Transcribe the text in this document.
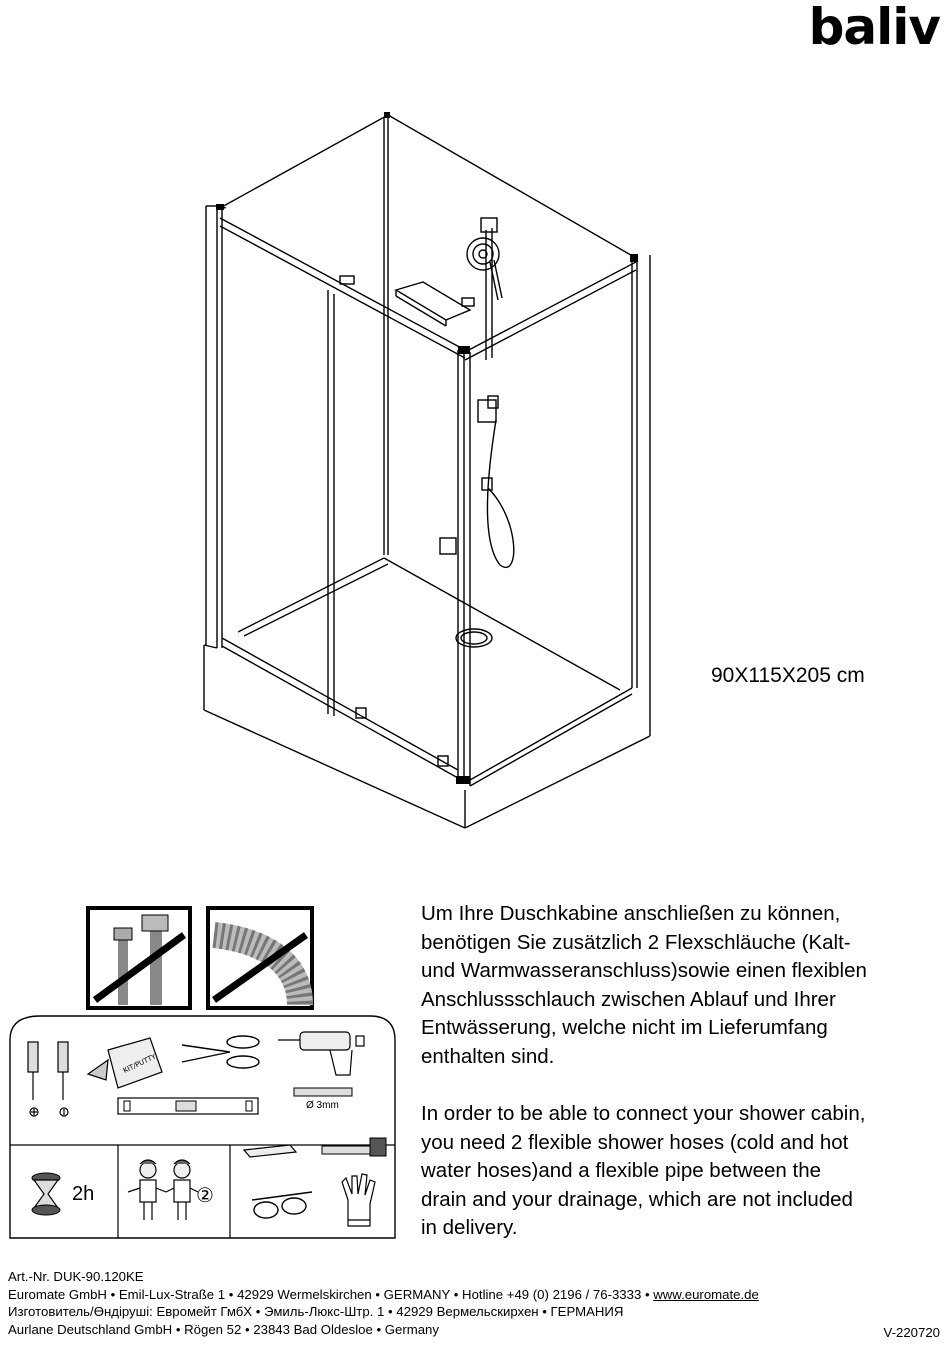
baliv
90X115X205 cm
KIT/PUTTY
Ø 3mm
2h	②
Um Ihre Duschkabine anschließen zu können,
benötigen Sie zusätzlich 2 Flexschläuche (Kalt-
und Warmwasseranschluss)sowie einen flexiblen
Anschlussschlauch zwischen Ablauf und Ihrer
Entwässerung, welche nicht im Lieferumfang
enthalten sind.
In order to be able to connect your shower cabin,
you need 2 flexible shower hoses (cold and hot
water hoses)and a flexible pipe between the
drain and your drainage, which are not included
in delivery.
Art.-Nr. DUK-90.120KE
Euromate GmbH • Emil-Lux-Straße 1 • 42929 Wermelskirchen • GERMANY • Hotline +49 (0) 2196 / 76-3333 • www.euromate.de
Изготовитель/Өндіруші: Евромейт ГмбХ • Эмиль-Люкс-Штр. 1 • 42929 Вермельскирхен • ГЕРМАНИЯ
Aurlane Deutschland GmbH • Rögen 52 • 23843 Bad Oldesloe • Germany	V-220720
